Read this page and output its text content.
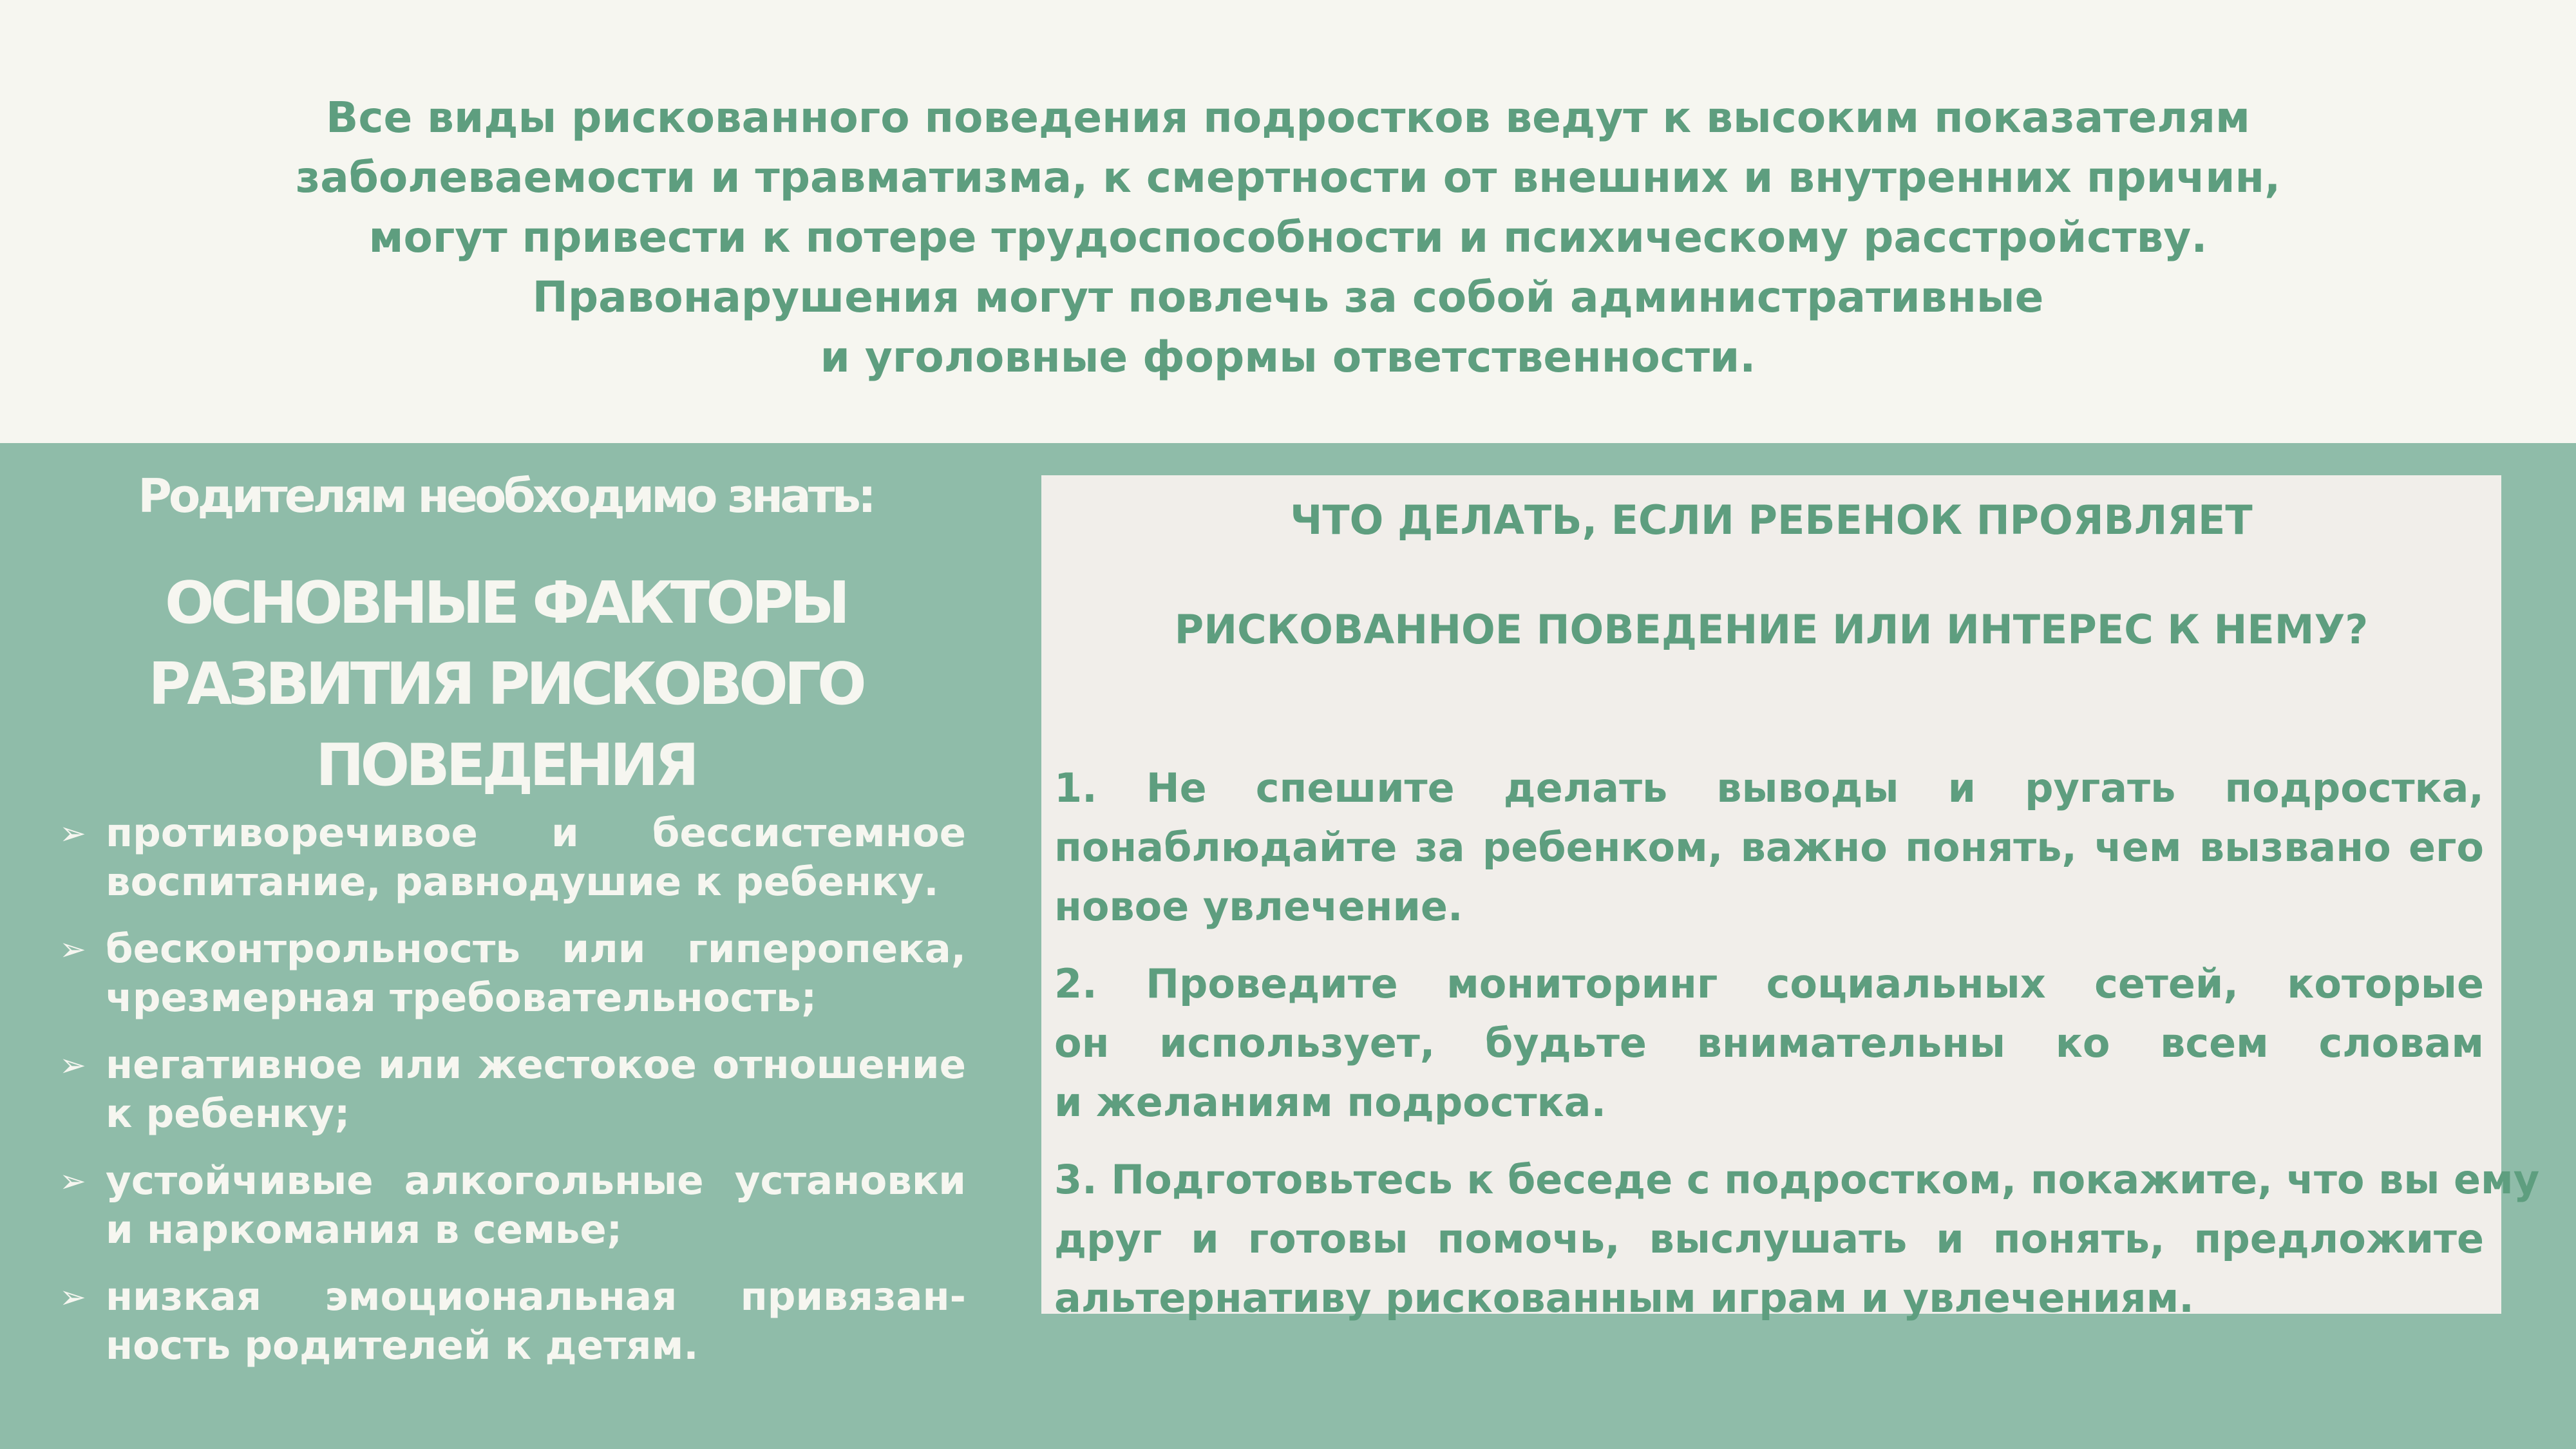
Все виды рискованного поведения подростков ведут к высоким показателям
заболеваемости и травматизма, к смертности от внешних и внутренних причин,
могут привести к потере трудоспособности и психическому расстройству.
Правонарушения могут повлечь за собой административные
и уголовные формы ответственности.
Родителям необходимо знать:
ОСНОВНЫЕ ФАКТОРЫ
РАЗВИТИЯ РИСКОВОГО
ПОВЕДЕНИЯ
➢ противоречивое и бессистемное
воспитание, равнодушие к ребенку.
➢ бесконтрольность или гиперопека,
чрезмерная требовательность;
➢ негативное или жестокое отношение
к ребенку;
➢ устойчивые алкогольные установки
и наркомания в семье;
➢ низкая эмоциональная привязан-
ность родителей к детям.
ЧТО ДЕЛАТЬ, ЕСЛИ РЕБЕНОК ПРОЯВЛЯЕТ
РИСКОВАННОЕ ПОВЕДЕНИЕ ИЛИ ИНТЕРЕС К НЕМУ?
1. Не спешите делать выводы и ругать подростка,
понаблюдайте за ребенком, важно понять, чем вызвано его
новое увлечение.
2. Проведите мониторинг социальных сетей, которые
он использует, будьте внимательны ко всем словам
и желаниям подростка.
3. Подготовьтесь к беседе с подростком, покажите, что вы ему
друг и готовы помочь, выслушать и понять, предложите
альтернативу рискованным играм и увлечениям.
